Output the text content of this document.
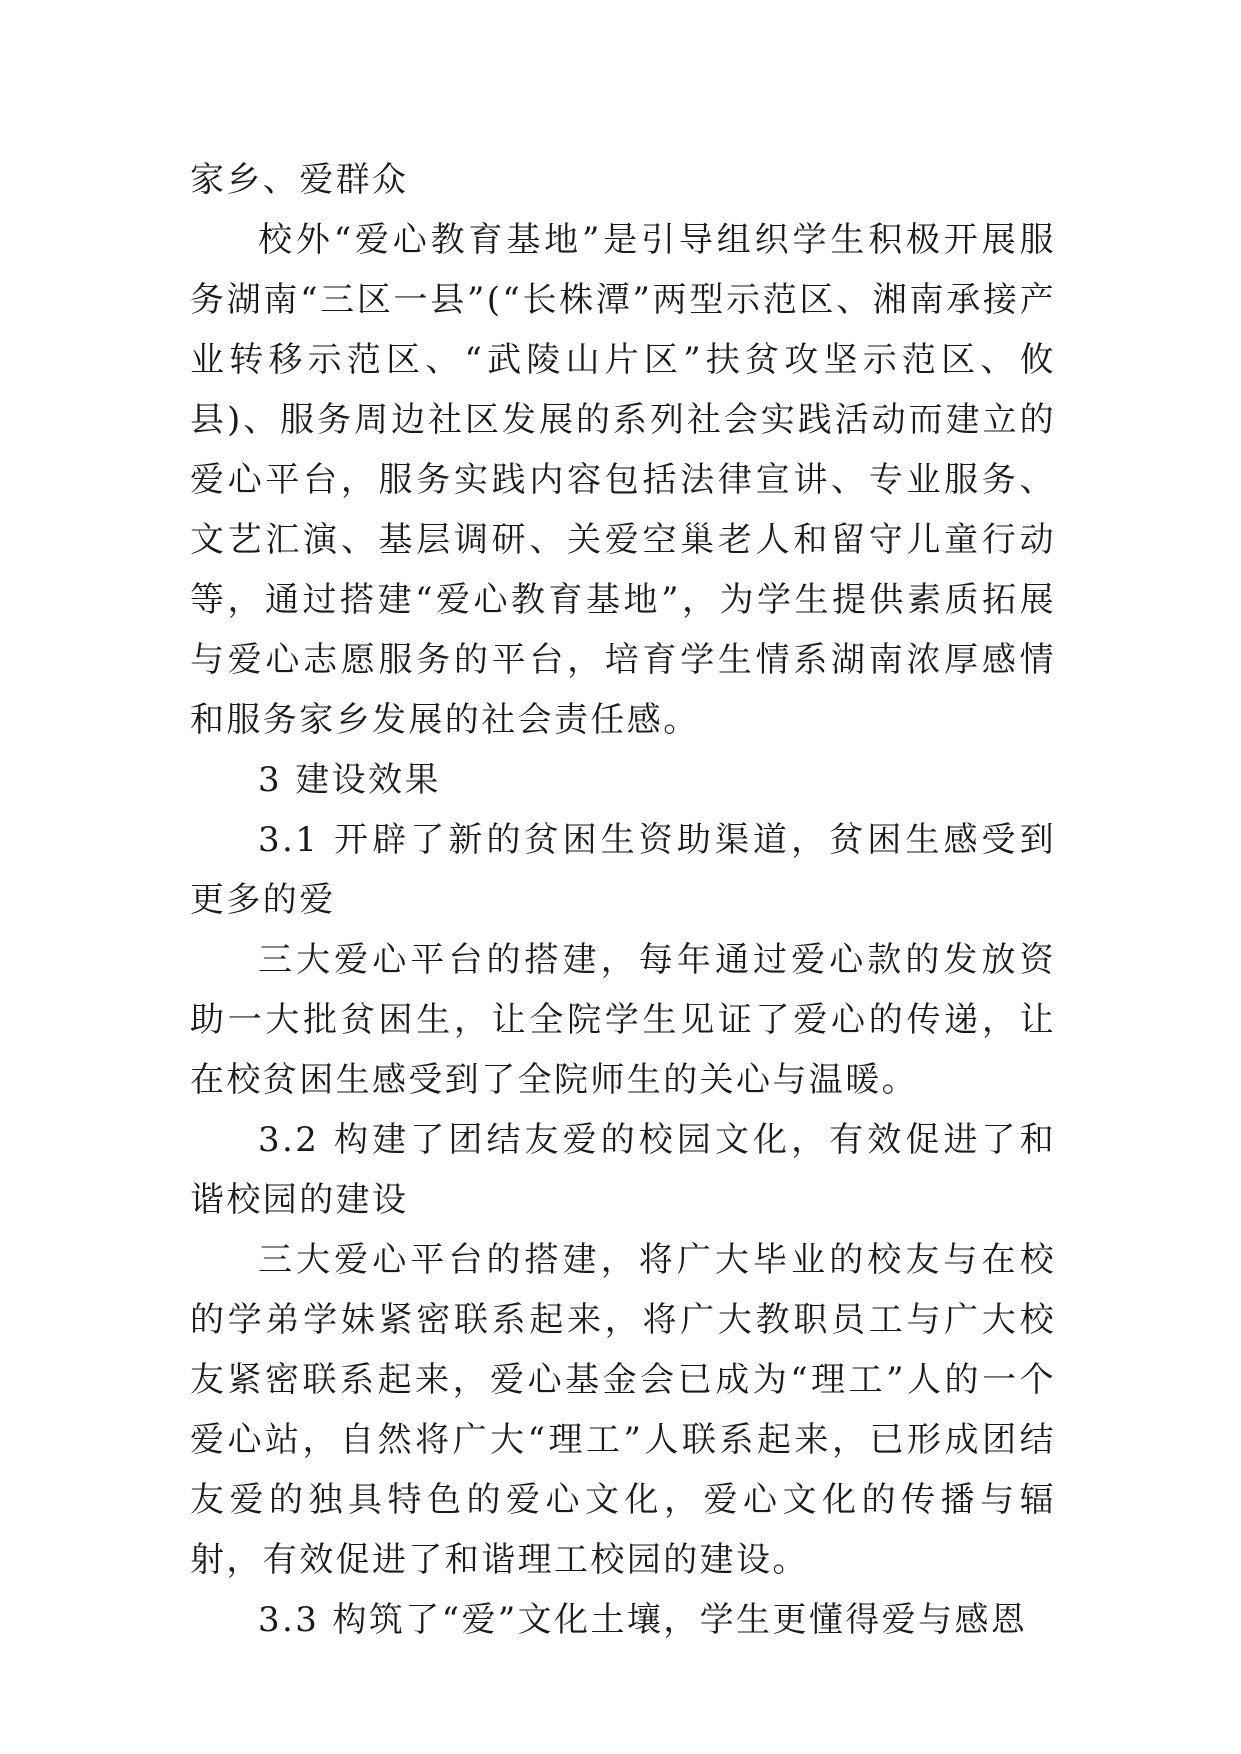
家乡、爱群众

校外“爱心教育基地”是引导组织学生积极开展服务湖南“三区一县”(“长株潭”两型示范区、湘南承接产业转移示范区、“武陵山片区”扶贫攻坚示范区、攸县)、服务周边社区发展的系列社会实践活动而建立的爱心平台，服务实践内容包括法律宣讲、专业服务、文艺汇演、基层调研、关爱空巢老人和留守儿童行动等，通过搭建“爱心教育基地”，为学生提供素质拓展与爱心志愿服务的平台，培育学生情系湖南浓厚感情和服务家乡发展的社会责任感。

3 建设效果

3.1 开辟了新的贫困生资助渠道，贫困生感受到更多的爱

三大爱心平台的搭建，每年通过爱心款的发放资助一大批贫困生，让全院学生见证了爱心的传递，让在校贫困生感受到了全院师生的关心与温暖。

3.2 构建了团结友爱的校园文化，有效促进了和谐校园的建设

三大爱心平台的搭建，将广大毕业的校友与在校的学弟学妹紧密联系起来，将广大教职员工与广大校友紧密联系起来，爱心基金会已成为“理工”人的一个爱心站，自然将广大“理工”人联系起来，已形成团结友爱的独具特色的爱心文化，爱心文化的传播与辐射，有效促进了和谐理工校园的建设。

3.3 构筑了“爱”文化土壤，学生更懂得爱与感恩
